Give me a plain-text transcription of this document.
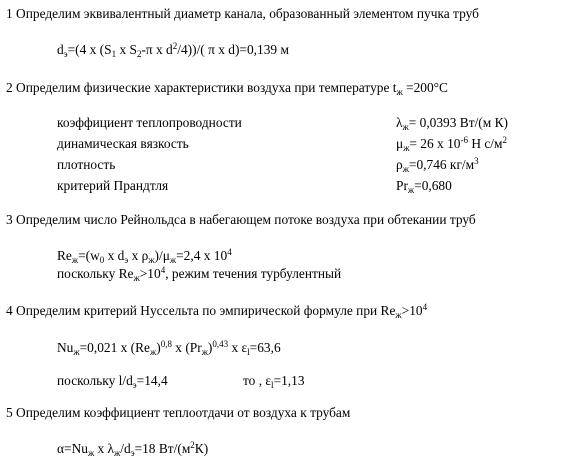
1 Определим эквивалентный диаметр канала, образованный элементом пучка труб
$d_э=(4$ х ($S_1$ х $S_2-\pi$ х $d^2/4))/$( π х d)=0,139 м
2 Определим физические характеристики воздуха при температуре $t_ж =200^\circ С$
коэффициент теплопроводности	$\lambda_ж= 0,0393$ Вт/(м К)
динамическая вязкость	$\mu_ж= 26$ х $10^{-6}$ Н $с/м^2$
плотность	$\rho_ж=0,746$ $кг/м^3$
критерий Прандтля	$Pr_ж=0,680$
3 Определим число Рейнольдса в набегающем потоке воздуха при обтекании труб
$Re_ж=(w_0$ х $d_э$ х $\rho_ж)/\mu_ж=2,4$ х $10^4$
поскольку $Re_ж>10^4$, режим течения турбулентный
4 Определим критерий Нуссельта по эмпирической формуле при $Re_ж>10^4$
$Nu_ж=0,021$ х $(Re_ж)^{0,8}$ х $(Pr_ж)^{0,43}$ х $\varepsilon_l=63,6$
поскольку $l/d_э=14,4$	то , $\varepsilon_l=1,13$
5 Определим коэффициент теплоотдачи от воздуха к трубам
$\alpha=Nu_ж$ х $\lambda_ж/d_э=18$ $Вт/(м^2К)$
